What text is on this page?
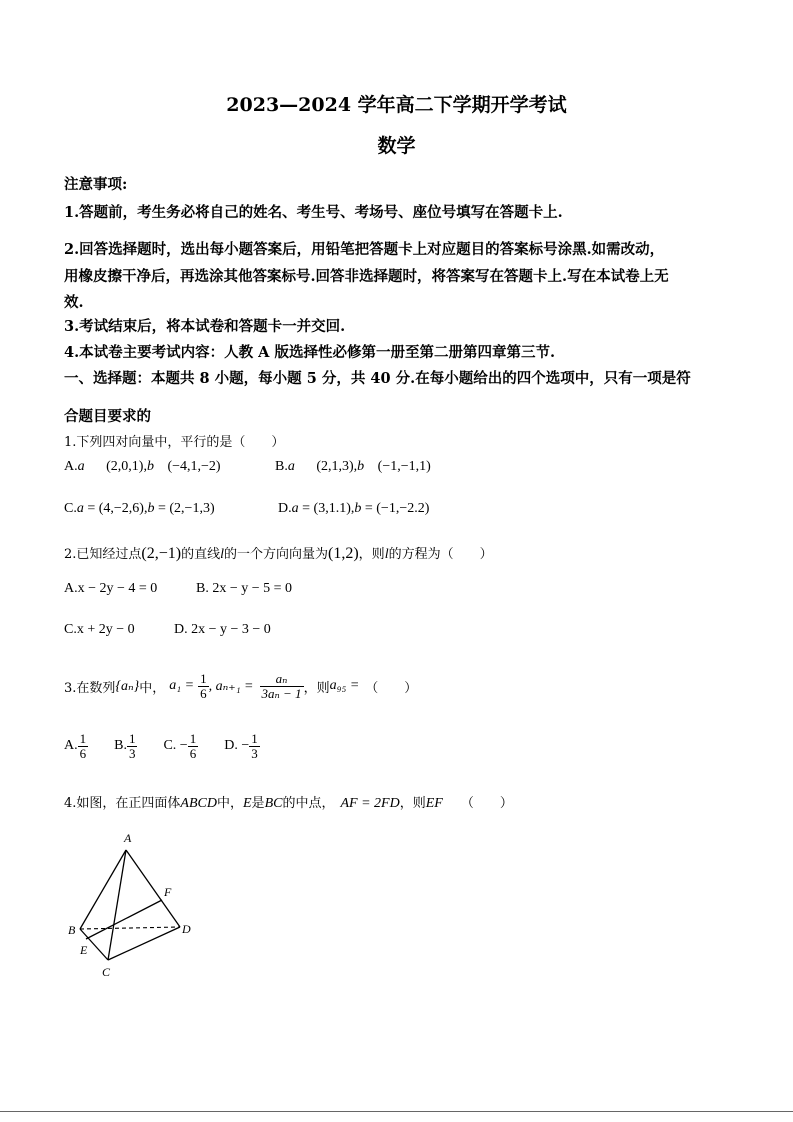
2023—2024 学年高二下学期开学考试
数学
注意事项:
1.答题前，考生务必将自己的姓名、考生号、考场号、座位号填写在答题卡上.
2.回答选择题时，选出每小题答案后，用铅笔把答题卡上对应题目的答案标号涂黑.如需改动，
用橡皮擦干净后，再选涂其他答案标号.回答非选择题时，将答案写在答题卡上.写在本试卷上无
效.
3.考试结束后，将本试卷和答题卡一并交回.
4.本试卷主要考试内容：人教 A 版选择性必修第一册至第二册第四章第三节.
一、选择题：本题共 8 小题，每小题 5 分，共 40 分.在每小题给出的四个选项中，只有一项是符
合题目要求的
1.下列四对向量中，平行的是（　　）
A.a (2,0,1),b (−4,1,−2)	B.a (2,1,3),b (−1,−1,1)
C.a = (4,−2,6),b = (2,−1,3)	D.a = (3,1.1),b = (−1,−2.2)
2.已知经过点(2,−1)的直线l的一个方向向量为(1,2)，则l的方程为（　　）
A.x − 2y − 4 = 0	B. 2x − y − 5 = 0
C.x + 2y − 0	D. 2x − y − 3 − 0
3.在数列 {aₙ} 中， $a_1 = \frac{1}{6}$ , $a_{n+1} = \frac{\text{aₙ}}{\text{3aₙ − 1}}$ ，则 a₉₅ = （　　）
A. $\frac{1}{6} B$. $\frac{1}{3} C$. − $\frac{1}{6} D$. − $\frac{1}{3}$
4.如图，在正四面体ABCD中，E是BC的中点， AF = 2FD，则EF （　　）
A
B
C
D
E
F
